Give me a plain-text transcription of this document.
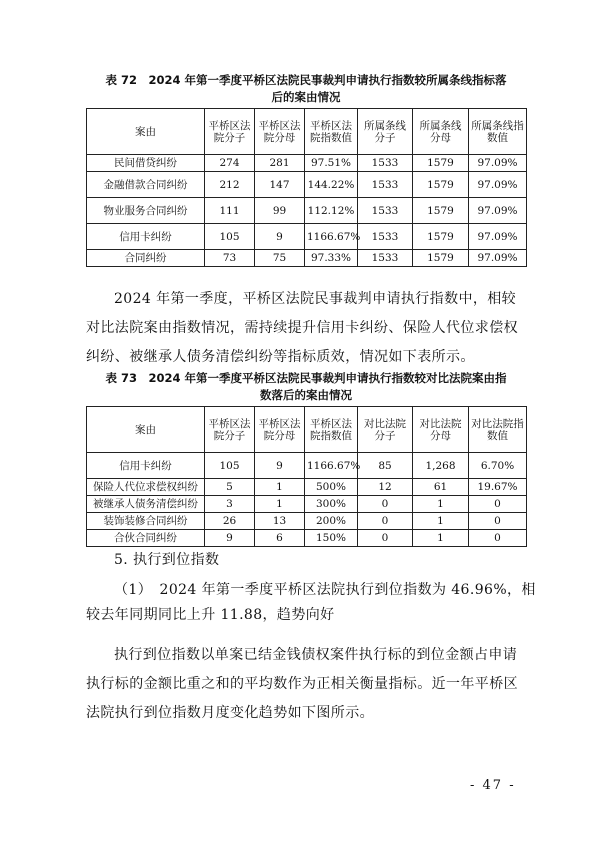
表 72　2024 年第一季度平桥区法院民事裁判申请执行指数较所属条线指标落
后的案由情况
案由	平桥区法院分子	平桥区法院分母	平桥区法院指数值	所属条线分子	所属条线分母	所属条线指数值
民间借贷纠纷	274	281	97.51%	1533	1579	97.09%
金融借款合同纠纷	212	147	144.22%	1533	1579	97.09%
物业服务合同纠纷	111	99	112.12%	1533	1579	97.09%
信用卡纠纷	105	9	1166.67%	1533	1579	97.09%
合同纠纷	73	75	97.33%	1533	1579	97.09%
2024 年第一季度，平桥区法院民事裁判申请执行指数中，相较对比法院案由指数情况，需持续提升信用卡纠纷、保险人代位求偿权纠纷、被继承人债务清偿纠纷等指标质效，情况如下表所示。
表 73　2024 年第一季度平桥区法院民事裁判申请执行指数较对比法院案由指
数落后的案由情况
案由	平桥区法院分子	平桥区法院分母	平桥区法院指数值	对比法院分子	对比法院分母	对比法院指数值
信用卡纠纷	105	9	1166.67%	85	1,268	6.70%
保险人代位求偿权纠纷	5	1	500%	12	61	19.67%
被继承人债务清偿纠纷	3	1	300%	0	1	0
装饰装修合同纠纷	26	13	200%	0	1	0
合伙合同纠纷	9	6	150%	0	1	0
5. 执行到位指数
（1）　2024 年第一季度平桥区法院执行到位指数为 46.96%，相
较去年同期同比上升 11.88，趋势向好
执行到位指数以单案已结金钱债权案件执行标的到位金额占申请执行标的金额比重之和的平均数作为正相关衡量指标。近一年平桥区法院执行到位指数月度变化趋势如下图所示。
- 47 -
